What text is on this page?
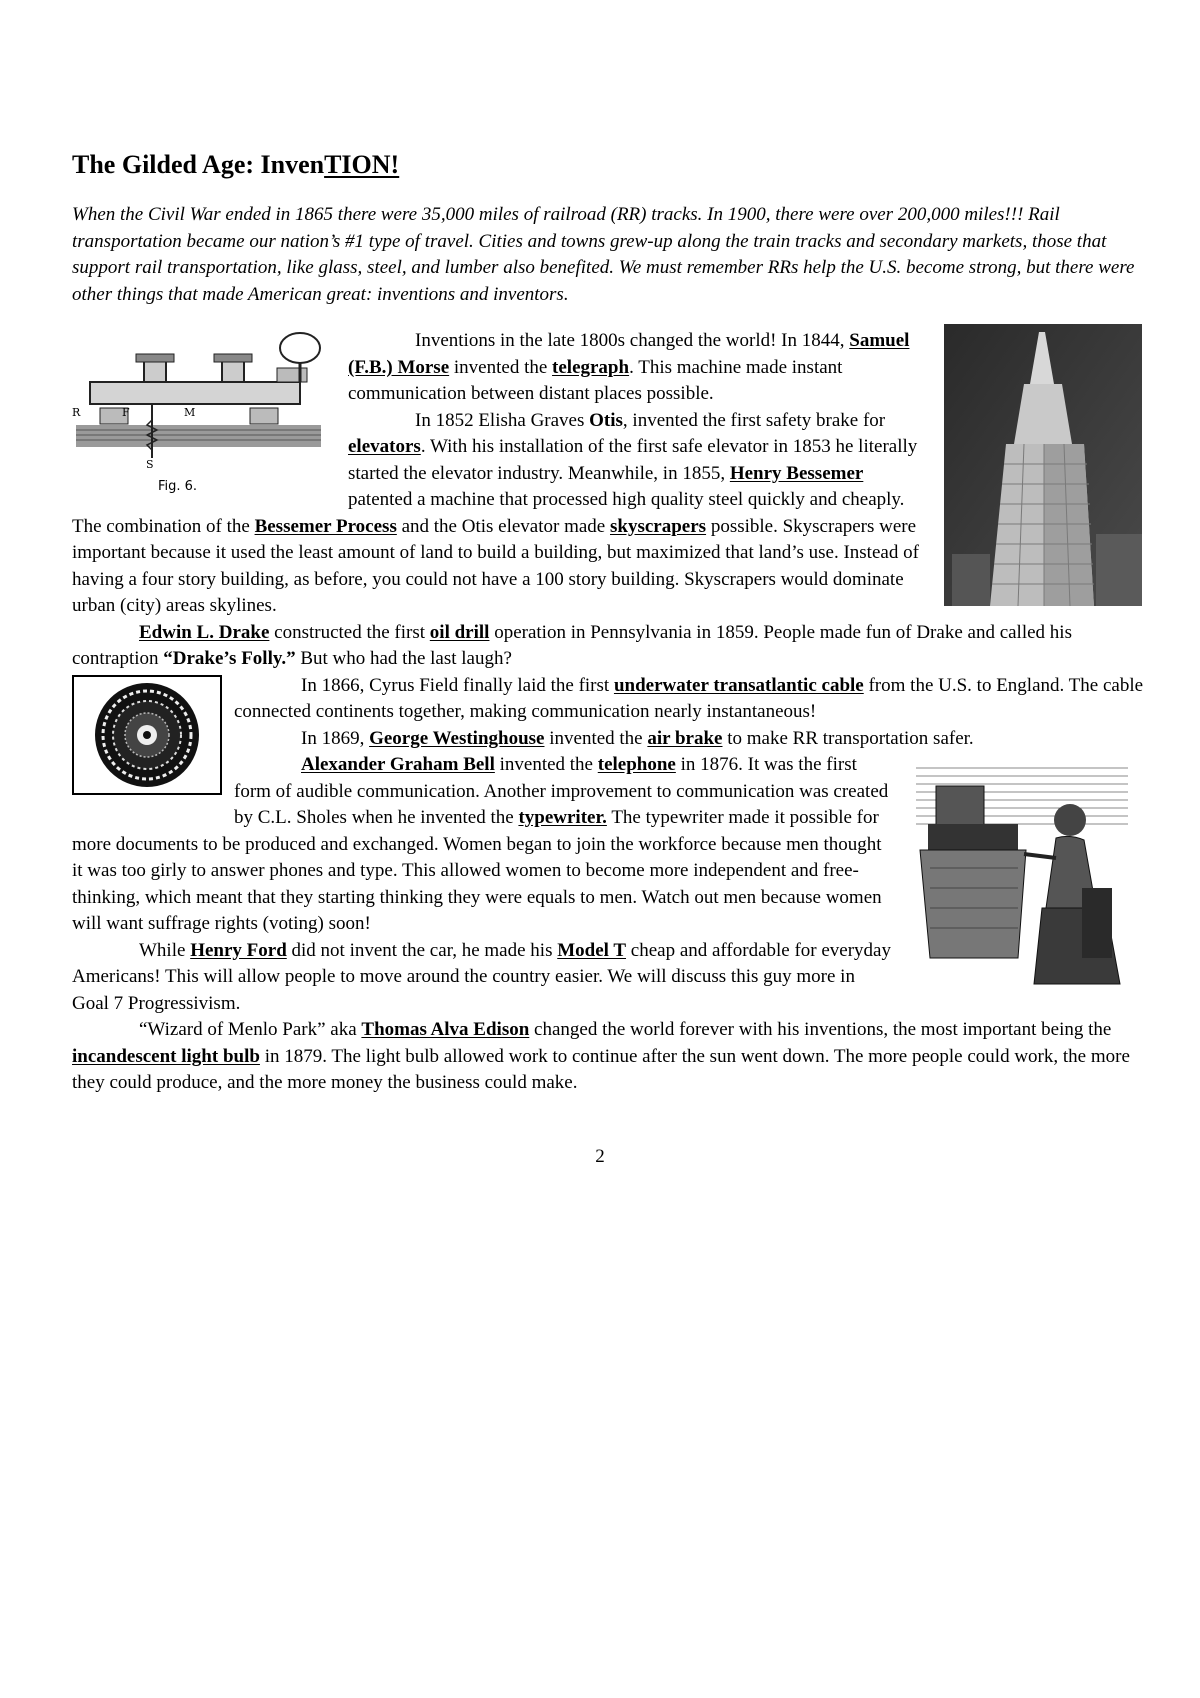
The Gilded Age: InvenTION!

When the Civil War ended in 1865 there were 35,000 miles of railroad (RR) tracks. In 1900, there were over 200,000 miles!!! Rail transportation became our nation’s #1 type of travel. Cities and towns grew-up along the train tracks and secondary markets, those that support rail transportation, like glass, steel, and lumber also benefited. We must remember RRs help the U.S. become strong, but there were other things that made American great: inventions and inventors.

R	F	M
S
Fig. 6.

Inventions in the late 1800s changed the world! In 1844, Samuel (F.B.) Morse invented the telegraph. This machine made instant communication between distant places possible.

In 1852 Elisha Graves Otis, invented the first safety brake for elevators. With his installation of the first safe elevator in 1853 he literally started the elevator industry. Meanwhile, in 1855, Henry Bessemer patented a machine that processed high quality steel quickly and cheaply. The combination of the Bessemer Process and the Otis elevator made skyscrapers possible. Skyscrapers were important because it used the least amount of land to build a building, but maximized that land’s use. Instead of having a four story building, as before, you could not have a 100 story building. Skyscrapers would dominate urban (city) areas skylines.

Edwin L. Drake constructed the first oil drill operation in Pennsylvania in 1859. People made fun of Drake and called his contraption “Drake’s Folly.” But who had the last laugh?

In 1866, Cyrus Field finally laid the first underwater transatlantic cable from the U.S. to England. The cable connected continents together, making communication nearly instantaneous!

In 1869, George Westinghouse invented the air brake to make RR transportation safer.

Alexander Graham Bell invented the telephone in 1876. It was the first form of audible communication. Another improvement to communication was created by C.L. Sholes when he invented the typewriter. The typewriter made it possible for more documents to be produced and exchanged. Women began to join the workforce because men thought it was too girly to answer phones and type. This allowed women to become more independent and free-thinking, which meant that they starting thinking they were equals to men. Watch out men because women will want suffrage rights (voting) soon!

While Henry Ford did not invent the car, he made his Model T cheap and affordable for everyday Americans! This will allow people to move around the country easier. We will discuss this guy more in Goal 7 Progressivism.

“Wizard of Menlo Park” aka Thomas Alva Edison changed the world forever with his inventions, the most important being the incandescent light bulb in 1879. The light bulb allowed work to continue after the sun went down. The more people could work, the more they could produce, and the more money the business could make.

2
